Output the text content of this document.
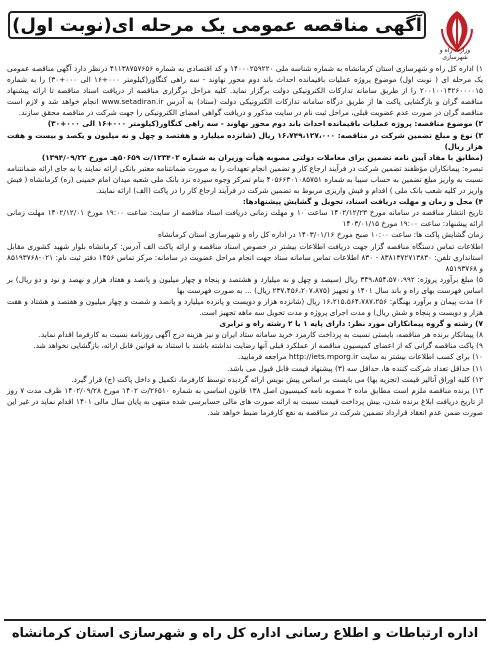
وزارت راه و شهرسازی
آگهی مناقصه عمومی یک مرحله ای(نوبت اول)

۱) اداره کل راه و شهرسازی استان کرمانشاه به شماره شناسه ملی ۱۴۰۰۰۲۵۹۲۲۰ و کد اقتصادی به شماره ۴۱۱۳۸۷۵۷۶۵۶ درنظر دارد آگهی مناقصه عمومی یک مرحله ای ( نوبت اول) موضوع پروژه عملیات باقیمانده احداث باند دوم محور نهاوند - سه راهی کنگاور(کیلومتر ۰۰۰+۱۶ الی ۰۰۰+۳۰) را به شماره ۲۰۰۱۰۰۱۴۲۶۰۰۰۰۱۵ را از طریق سامانه تدارکات الکترونیکی دولت برگزار نماید. کلیه مراحل برگزاری مناقصه از دریافت اسناد مناقصه تا ارائه پیشنهاد مناقصه گران و بازگشایی پاکت ها از طریق درگاه سامانه تدارکات الکترونیکی دولت (ستاد) به آدرس www.setadiran.ir انجام خواهد شد و لازم است مناقصه گران در صورت عدم عضویت قبلی، مراحل ثبت نام در سایت مذکور و دریافت گواهی امضای الکترونیکی را جهت شرکت در مناقصه محقق سازند.

۲) موضوع مناقصه: پروژه عملیات باقیمانده احداث باند دوم محور نهاوند - سه راهی کنگاور(کیلومتر ۰۰۰+۱۶ الی ۰۰۰+۳۰)

۳) نوع و مبلغ تضمین شرکت در مناقصه: ۱۶،۷۴۹،۱۲۷،۰۰۰ ریال (شانزده میلیارد و هفتصد و چهل و نه میلیون و یکصد و بیست و هفت هزار ریال)

(مطابق با مفاد آیین نامه تضمین برای معاملات دولتی مصوبه هیأت وزیران به شماره ۱۲۳۴۰۲/ت ۵۰۶۵۹هـ مورخ ۱۳۹۴/۰۹/۲۲)

تبصره: پیمانکاران مؤظفند تضمین شرکت در فرآیند ارجاع کار و تضمین انجام تعهدات را به صورت ضمانتنامه معتبر بانکی ارائه نمایند یا به جای ارائه ضمانتنامه نسبت به واریز مبلغ تضمین به حساب سیبا به شماره ۴۰۵۶۶۳۰۱۰۸۵۷۵۱ بنام تمرکز وجوه سپرده نزد بانک ملی شعبه میدان امام خمینی (ره) کرمانشاه ( فیش واریز در کلیه شعب بانک ملی ) اقدام و فیش واریزی مربوط به تضمین شرکت در فرآیند ارجاع کار را در پاکت (الف) ارائه نمایند.

۴) محل و زمان و مهلت دریافت اسناد، تحویل و گشایش پیشنهادها:

تاریخ انتشار مناقصه در سامانه مورخ ۱۴۰۲/۱۲/۲۳ ساعت ۱۰ و مهلت زمانی دریافت اسناد مناقصه از سایت: ساعت ۱۹:۰۰ مورخ ۱۴۰۲/۱۲/۰۱ مهلت زمانی ارائه پیشنهاد: ساعت ۱۹:۰۰ مورخ ۱۴۰۳/۰۱/۱۵

زمان گشایش پاکت ها: ساعت ۱۰:۰۰ صبح مورخ ۱۴۰۳/۰۱/۱۶ در اداره کل راه و شهرسازی استان کرمانشاه

اطلاعات تماس دستگاه مناقصه گزار جهت دریافت اطلاعات بیشتر در خصوص اسناد مناقصه و ارائه پاکت الف آدرس: کرمانشاه بلوار شهید کشوری مقابل استانداری تلفن: ۸۳۸۱۳۷۲۷۱۳۸۳۰ - ۸۳۰ اطلاعات تماس سامانه ستاد جهت انجام مراحل عضویت در سامانه: مرکز تماس ۱۴۵۶ دفتر ثبت نام: ۰۲۱-۸۵۱۹۳۷۶۸ و ۸۵۱۹۳۷۶۸

۵) مبلغ برآورد پروژه: ۳۴۹،۸۵۴،۵۷۰،۹۹۲ ریال (سیصد و چهل و نه میلیارد و هشتصد و پنجاه و چهار میلیون و پانصد و هفتاد هزار و نهصد و نود و دو ریال) بر اساس فهرست بهای راه و باند سال ۱۴۰۱ و تجهیز (۲۳۷،۴۵۶،۲۰۷،۸۷۵ ریال) ... به صورت فهرست بها

۶) مدت پیمان و برآورد بهنگام: ۱۶،۲۱۵،۵۶۴،۷۸۷،۲۵۶ ریال (شانزده هزار و دویست و پانزده میلیارد و پانصد و شصت و چهار میلیون و هفتصد و هشتاد و هفت هزار و دویست و پنجاه و شش ریال) و مدت اجرای پروژه و مدت تحویل سه ماهه تجهیز است.

۷) رشته و گروه پیمانکاران مورد نظر: دارای پایه ۱ یا ۲ رشته راه و ترابری

۸) پیمانکار برنده هر مناقصه، بایستی نسبت به پرداخت کارمزد خرید سامانه ستاد ایران و نیز هزینه درج آگهی روزنامه نسبت به کارفرما اقدام نماید.

۹) پاکت مناقصه گرانی که از اعضای کمیسیون مناقصه از عملکرد قبلی آنها رضایت نداشته باشند با استناد به قوانین قابل ارائه، بازگشایی نخواهد شد.

۱۰) برای کسب اطلاعات بیشتر به سایت http://iets.mporg.ir مراجعه فرمایید.

۱۱) حداقل تعداد شرکت کننده ها، حداقل سه (۳) پیشنهاد قیمت قابل قبول می باشد.

۱۲) کلیه اوراق آنالیز قیمت (تجزیه بها) می بایست بر اساس پیش نویس ارائه گردیده توسط کارفرما، تکمیل و داخل پاکت (ج) قرار گیرد.

۱۳) برنده مناقصه ملزم است مطابق ماده ۲ مصوبه نامه کمیسیون اصل ۱۳۸ قانون اساسی به شماره ۲۶۵۱۰/ت ۱۴۰۲ مورخ ۱۴۰۲/۰۹/۲۸ ظرف مدت ۷ روز از تاریخ دریافت ابلاغ برنده شدن، بیش پرداخت قیمت نسبت به ارائه صورت های مالی حسابرسی شده منتهی به پایان سال مالی ۱۴۰۱ اقدام نماید در غیر این صورت ضمن عدم انعقاد قرارداد تضمین شرکت در مناقصه به نفع کارفرما ضبط خواهد شد.

اداره ارتباطات و اطلاع رسانی اداره کل راه و شهرسازی استان کرمانشاه
